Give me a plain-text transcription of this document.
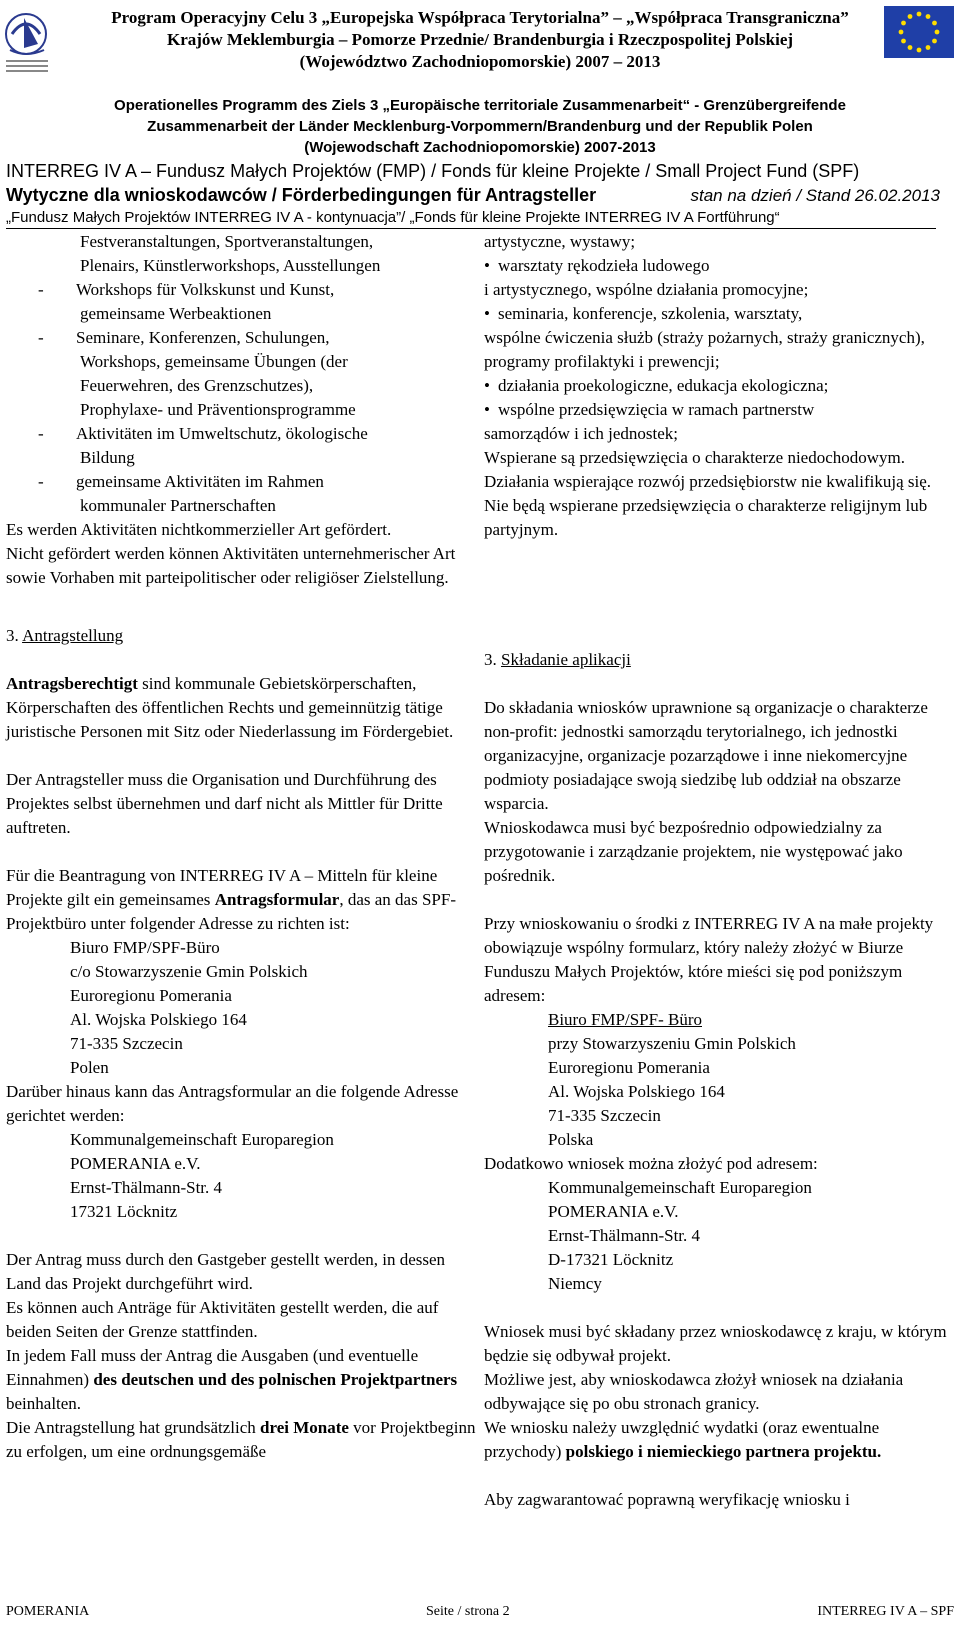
Program Operacyjny Celu 3 „Europejska Współpraca Terytorialna” – „Współpraca Transgraniczna”
Krajów Meklemburgia – Pomorze Przednie/ Brandenburgia i Rzeczpospolitej Polskiej
(Województwo Zachodniopomorskie) 2007 – 2013
Operationelles Programm des Ziels 3 „Europäische territoriale Zusammenarbeit“ - Grenzübergreifende
Zusammenarbeit der Länder Mecklenburg-Vorpommern/Brandenburg und der Republik Polen
(Wojewodschaft Zachodniopomorskie) 2007-2013
INTERREG IV A – Fundusz Małych Projektów (FMP) / Fonds für kleine Projekte / Small Project Fund (SPF)
Wytyczne dla wnioskodawców / Förderbedingungen für Antragsteller	stan na dzień / Stand 26.02.2013
„Fundusz Małych Projektów INTERREG IV A - kontynuacja”/ „Fonds für kleine Projekte INTERREG IV A Fortführung“

Festveranstaltungen, Sportveranstaltungen,

Plenairs, Künstlerworkshops, Ausstellungen

-	Workshops für Volkskunst und Kunst,

gemeinsame Werbeaktionen

-	Seminare, Konferenzen, Schulungen,

Workshops, gemeinsame Übungen (der

Feuerwehren, des Grenzschutzes),

Prophylaxe- und Präventionsprogramme

-	Aktivitäten im Umweltschutz, ökologische

Bildung

-	gemeinsame Aktivitäten im Rahmen

kommunaler Partnerschaften

Es werden Aktivitäten nichtkommerzieller Art gefördert.

Nicht gefördert werden können Aktivitäten unternehmerischer Art sowie Vorhaben mit parteipolitischer oder religiöser Zielstellung.

3. Antragstellung

Antragsberechtigt sind kommunale Gebietskörperschaften, Körperschaften des öffentlichen Rechts und gemeinnützig tätige juristische Personen mit Sitz oder Niederlassung im Fördergebiet.

Der Antragsteller muss die Organisation und Durchführung des Projektes selbst übernehmen und darf nicht als Mittler für Dritte auftreten.

Für die Beantragung von INTERREG IV A – Mitteln für kleine Projekte gilt ein gemeinsames Antragsformular, das an das SPF-Projektbüro unter folgender Adresse zu richten ist:

Biuro FMP/SPF-Büro

c/o Stowarzyszenie Gmin Polskich

Euroregionu Pomerania

Al. Wojska Polskiego 164

71-335 Szczecin

Polen

Darüber hinaus kann das Antragsformular an die folgende Adresse gerichtet werden:

Kommunalgemeinschaft Europaregion

POMERANIA e.V.

Ernst-Thälmann-Str. 4

17321 Löcknitz

Der Antrag muss durch den Gastgeber gestellt werden, in dessen Land das Projekt durchgeführt wird.

Es können auch Anträge für Aktivitäten gestellt werden, die auf beiden Seiten der Grenze stattfinden.

In jedem Fall muss der Antrag die Ausgaben (und eventuelle Einnahmen) des deutschen und des polnischen Projektpartners beinhalten.

Die Antragstellung hat grundsätzlich drei Monate vor Projektbeginn zu erfolgen, um eine ordnungsgemäße

artystyczne, wystawy;

• warsztaty rękodzieła ludowego

i artystycznego, wspólne działania promocyjne;

• seminaria, konferencje, szkolenia, warsztaty,

wspólne ćwiczenia służb (straży pożarnych, straży granicznych), programy profilaktyki i prewencji;

• działania proekologiczne, edukacja ekologiczna;
• wspólne przedsięwzięcia w ramach partnerstw

samorządów i ich jednostek;

Wspierane są przedsięwzięcia o charakterze niedochodowym.

Działania wspierające rozwój przedsiębiorstw nie kwalifikują się.

Nie będą wspierane przedsięwzięcia o charakterze religijnym lub partyjnym.

3. Składanie aplikacji

Do składania wniosków uprawnione są organizacje o charakterze non-profit: jednostki samorządu terytorialnego, ich jednostki organizacyjne, organizacje pozarządowe i inne niekomercyjne podmioty posiadające swoją siedzibę lub oddział na obszarze wsparcia.

Wnioskodawca musi być bezpośrednio odpowiedzialny za przygotowanie i zarządzanie projektem, nie występować jako pośrednik.

Przy wnioskowaniu o środki z INTERREG IV A na małe projekty obowiązuje wspólny formularz, który należy złożyć w Biurze Funduszu Małych Projektów, które mieści się pod poniższym adresem:

Biuro FMP/SPF- Büro

przy Stowarzyszeniu Gmin Polskich

Euroregionu Pomerania

Al. Wojska Polskiego 164

71-335 Szczecin

Polska

Dodatkowo wniosek można złożyć pod adresem:

Kommunalgemeinschaft Europaregion

POMERANIA e.V.

Ernst-Thälmann-Str. 4

D-17321 Löcknitz

Niemcy

Wniosek musi być składany przez wnioskodawcę z kraju, w którym będzie się odbywał projekt.

Możliwe jest, aby wnioskodawca złożył wniosek na działania odbywające się po obu stronach granicy.

We wniosku należy uwzględnić wydatki (oraz ewentualne przychody) polskiego i niemieckiego partnera projektu.

Aby zagwarantować poprawną weryfikację wniosku i

POMERANIA	Seite / strona 2	INTERREG IV A – SPF
